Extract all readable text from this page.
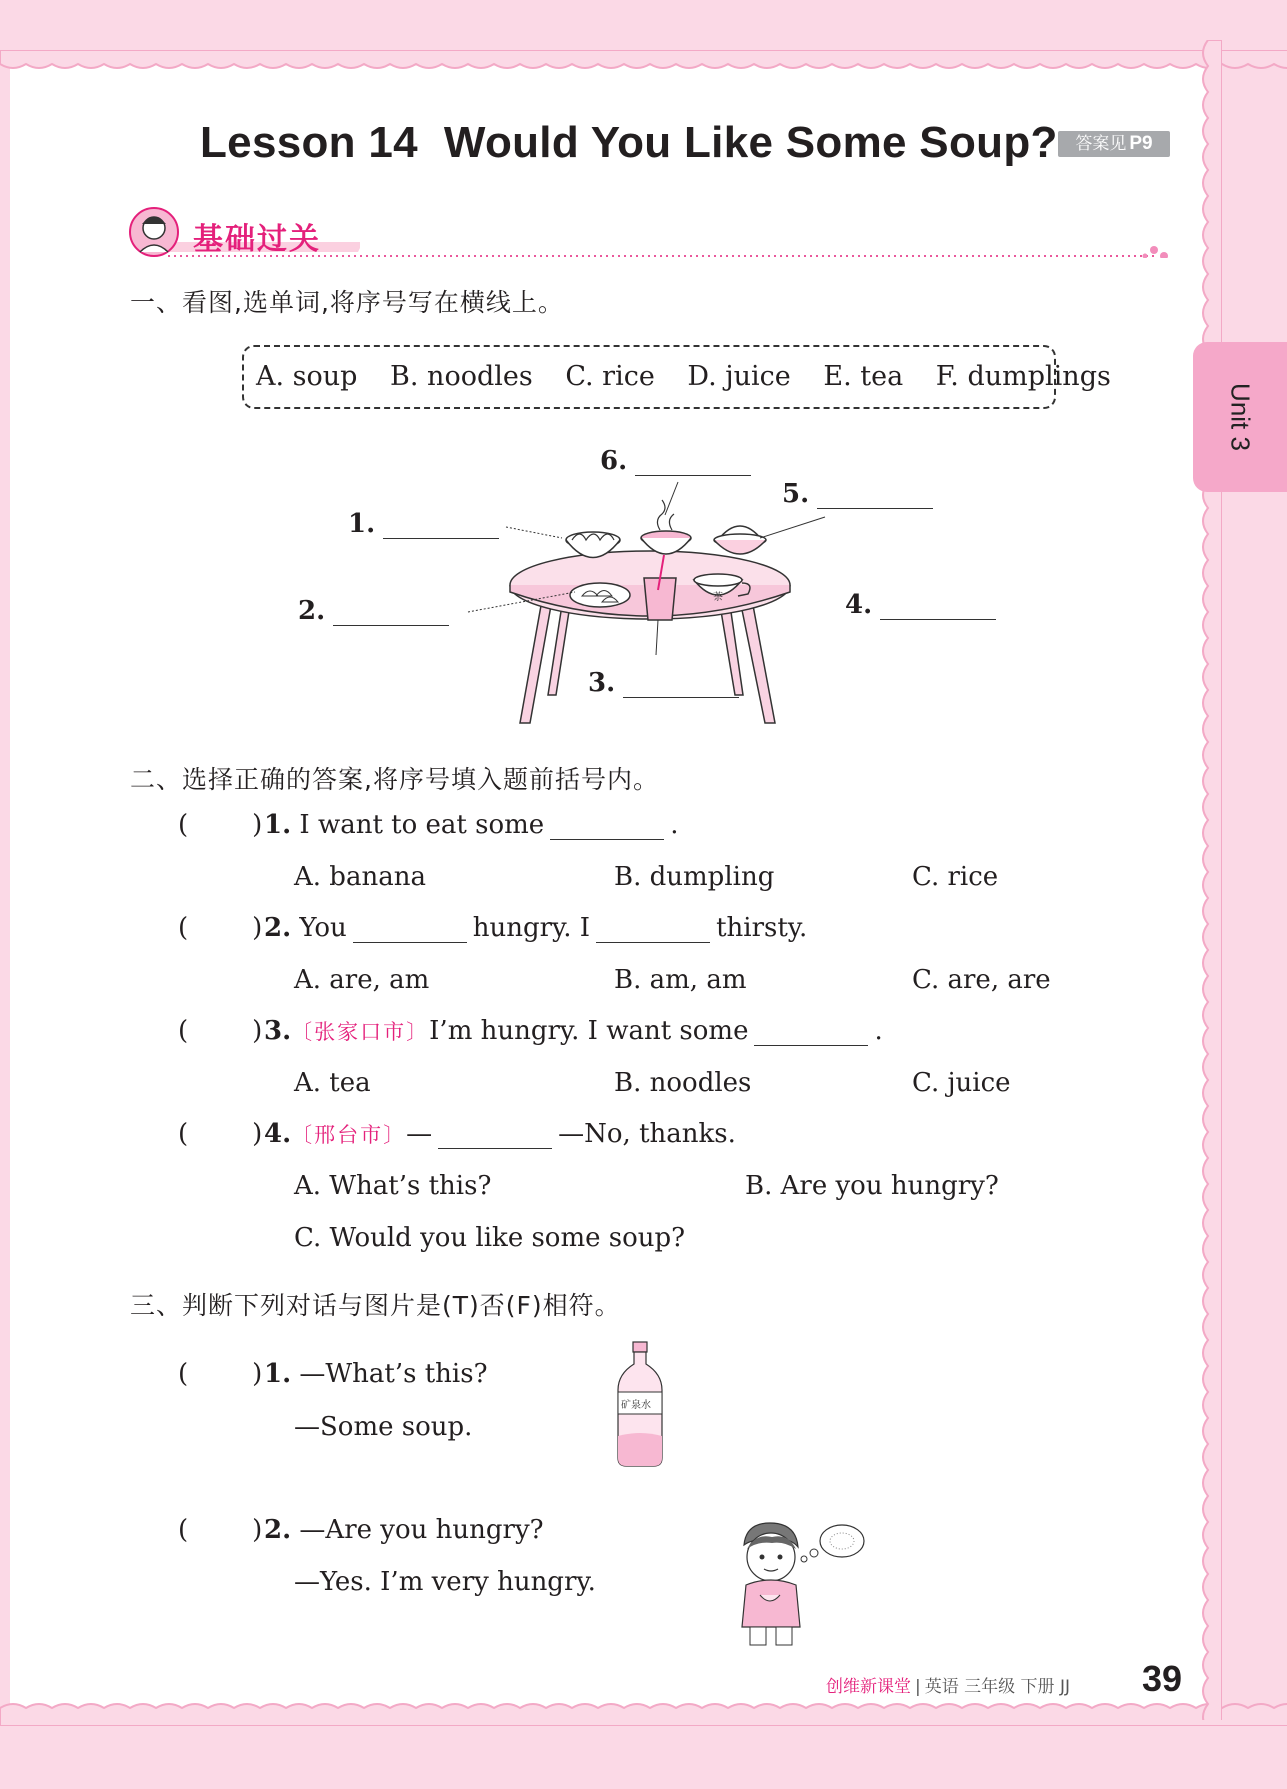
Lesson 14 Would You Like Some Soup?	答案见 P9
Unit 3
基础过关
一、看图,选单词,将序号写在横线上。
A. soup B. noodles C. rice D. juice E. tea F. dumplings
茶
6.
5.
1.
2.	4.
3.
二、选择正确的答案,将序号填入题前括号内。
( ) 1. I want to eat some	.
A. banana	B. dumpling	C. rice
( ) 2. You	hungry. I	thirsty.
A. are, am	B. am, am	C. are, are
( ) 3.〔张家口市〕I’m hungry. I want some	.
A. tea	B. noodles	C. juice
( ) 4.〔邢台市〕—	—No, thanks.
A. What’s this?	B. Are you hungry?
C. Would you like some soup?
三、判断下列对话与图片是(T)否(F)相符。
( ) 1. —What’s this?
—Some soup.
矿泉水
( ) 2. —Are you hungry?
—Yes. I’m very hungry.
创维新课堂 | 英语 三年级 下册 JJ 39
